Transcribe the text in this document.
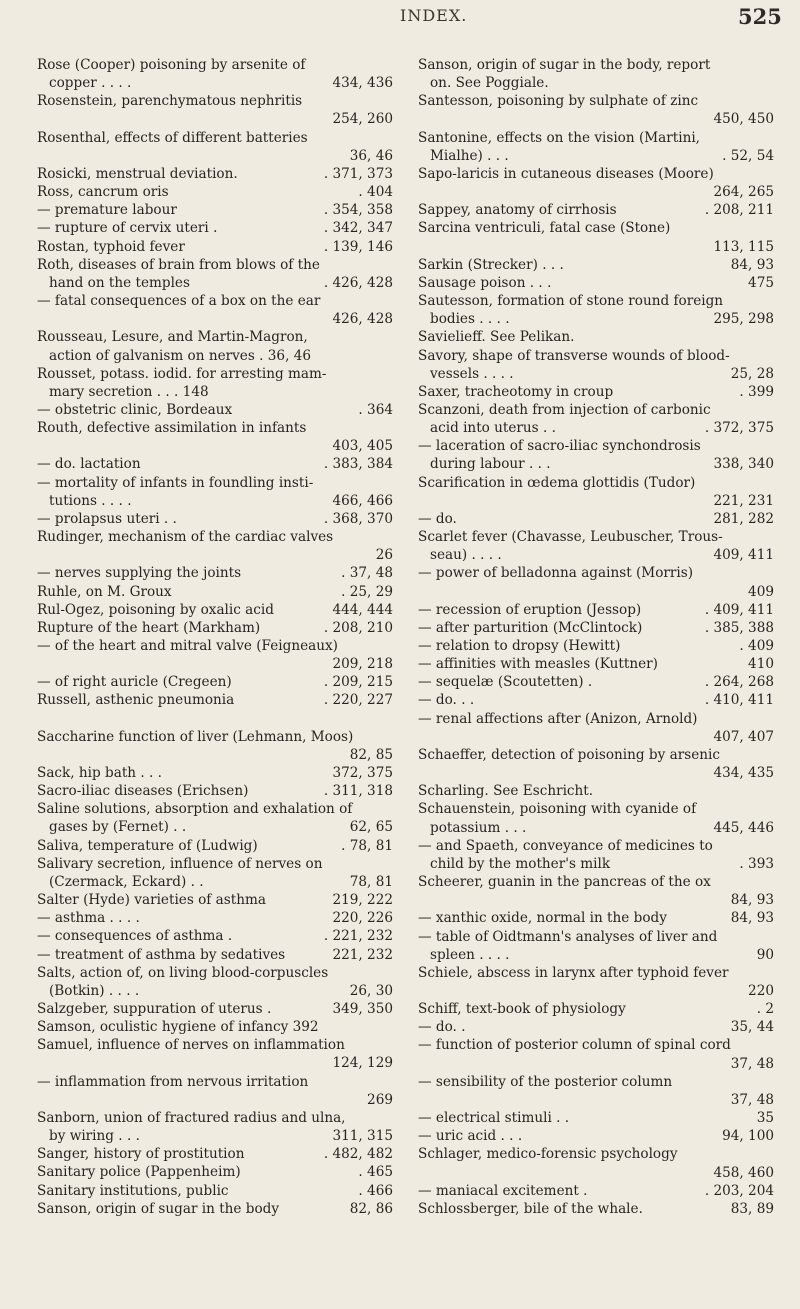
INDEX.	525
Rose (Cooper) poisoning by arsenite of
copper . . . .	434, 436
Rosenstein, parenchymatous nephritis
254, 260
Rosenthal, effects of different batteries
36, 46
Rosicki, menstrual deviation.	. 371, 373
Ross, cancrum oris	. 404
— premature labour	. 354, 358
— rupture of cervix uteri .	. 342, 347
Rostan, typhoid fever	. 139, 146
Roth, diseases of brain from blows of the
hand on the temples	. 426, 428
— fatal consequences of a box on the ear
426, 428
Rousseau, Lesure, and Martin-Magron,
action of galvanism on nerves . 36, 46
Rousset, potass. iodid. for arresting mam-
mary secretion . . . 148
— obstetric clinic, Bordeaux	. 364
Routh, defective assimilation in infants
403, 405
— do. lactation	. 383, 384
— mortality of infants in foundling insti-
tutions . . . .	466, 466
— prolapsus uteri . .	. 368, 370
Rudinger, mechanism of the cardiac valves
26
— nerves supplying the joints	. 37, 48
Ruhle, on M. Groux	. 25, 29
Rul-Ogez, poisoning by oxalic acid	444, 444
Rupture of the heart (Markham)	. 208, 210
— of the heart and mitral valve (Feigneaux)
209, 218
— of right auricle (Cregeen)	. 209, 215
Russell, asthenic pneumonia	. 220, 227
Saccharine function of liver (Lehmann, Moos)
82, 85
Sack, hip bath . . .	372, 375
Sacro-iliac diseases (Erichsen)	. 311, 318
Saline solutions, absorption and exhalation of
gases by (Fernet) . .	62, 65
Saliva, temperature of (Ludwig)	. 78, 81
Salivary secretion, influence of nerves on
(Czermack, Eckard) . .	78, 81
Salter (Hyde) varieties of asthma	219, 222
— asthma . . . .	220, 226
— consequences of asthma .	. 221, 232
— treatment of asthma by sedatives	221, 232
Salts, action of, on living blood-corpuscles
(Botkin) . . . .	26, 30
Salzgeber, suppuration of uterus .	349, 350
Samson, oculistic hygiene of infancy 392
Samuel, influence of nerves on inflammation
124, 129
— inflammation from nervous irritation
269
Sanborn, union of fractured radius and ulna,
by wiring . . .	311, 315
Sanger, history of prostitution	. 482, 482
Sanitary police (Pappenheim)	. 465
Sanitary institutions, public	. 466
Sanson, origin of sugar in the body	82, 86
Sanson, origin of sugar in the body, report
on. See Poggiale.
Santesson, poisoning by sulphate of zinc
450, 450
Santonine, effects on the vision (Martini,
Mialhe) . . .	. 52, 54
Sapo-laricis in cutaneous diseases (Moore)
264, 265
Sappey, anatomy of cirrhosis	. 208, 211
Sarcina ventriculi, fatal case (Stone)
113, 115
Sarkin (Strecker) . . .	84, 93
Sausage poison . . .	475
Sautesson, formation of stone round foreign
bodies . . . .	295, 298
Savielieff. See Pelikan.
Savory, shape of transverse wounds of blood-
vessels . . . .	25, 28
Saxer, tracheotomy in croup	. 399
Scanzoni, death from injection of carbonic
acid into uterus . .	. 372, 375
— laceration of sacro-iliac synchondrosis
during labour . . .	338, 340
Scarification in œdema glottidis (Tudor)
221, 231
— do.	281, 282
Scarlet fever (Chavasse, Leubuscher, Trous-
seau) . . . .	409, 411
— power of belladonna against (Morris)
409
— recession of eruption (Jessop)	. 409, 411
— after parturition (McClintock)	. 385, 388
— relation to dropsy (Hewitt)	. 409
— affinities with measles (Kuttner)	410
— sequelæ (Scoutetten) .	. 264, 268
— do. . .	. 410, 411
— renal affections after (Anizon, Arnold)
407, 407
Schaeffer, detection of poisoning by arsenic
434, 435
Scharling. See Eschricht.
Schauenstein, poisoning with cyanide of
potassium . . .	445, 446
— and Spaeth, conveyance of medicines to
child by the mother's milk	. 393
Scheerer, guanin in the pancreas of the ox
84, 93
— xanthic oxide, normal in the body	84, 93
— table of Oidtmann's analyses of liver and
spleen . . . .	90
Schiele, abscess in larynx after typhoid fever
220
Schiff, text-book of physiology	. 2
— do. .	35, 44
— function of posterior column of spinal cord
37, 48
— sensibility of the posterior column
37, 48
— electrical stimuli . .	35
— uric acid . . .	94, 100
Schlager, medico-forensic psychology
458, 460
— maniacal excitement .	. 203, 204
Schlossberger, bile of the whale.	83, 89
